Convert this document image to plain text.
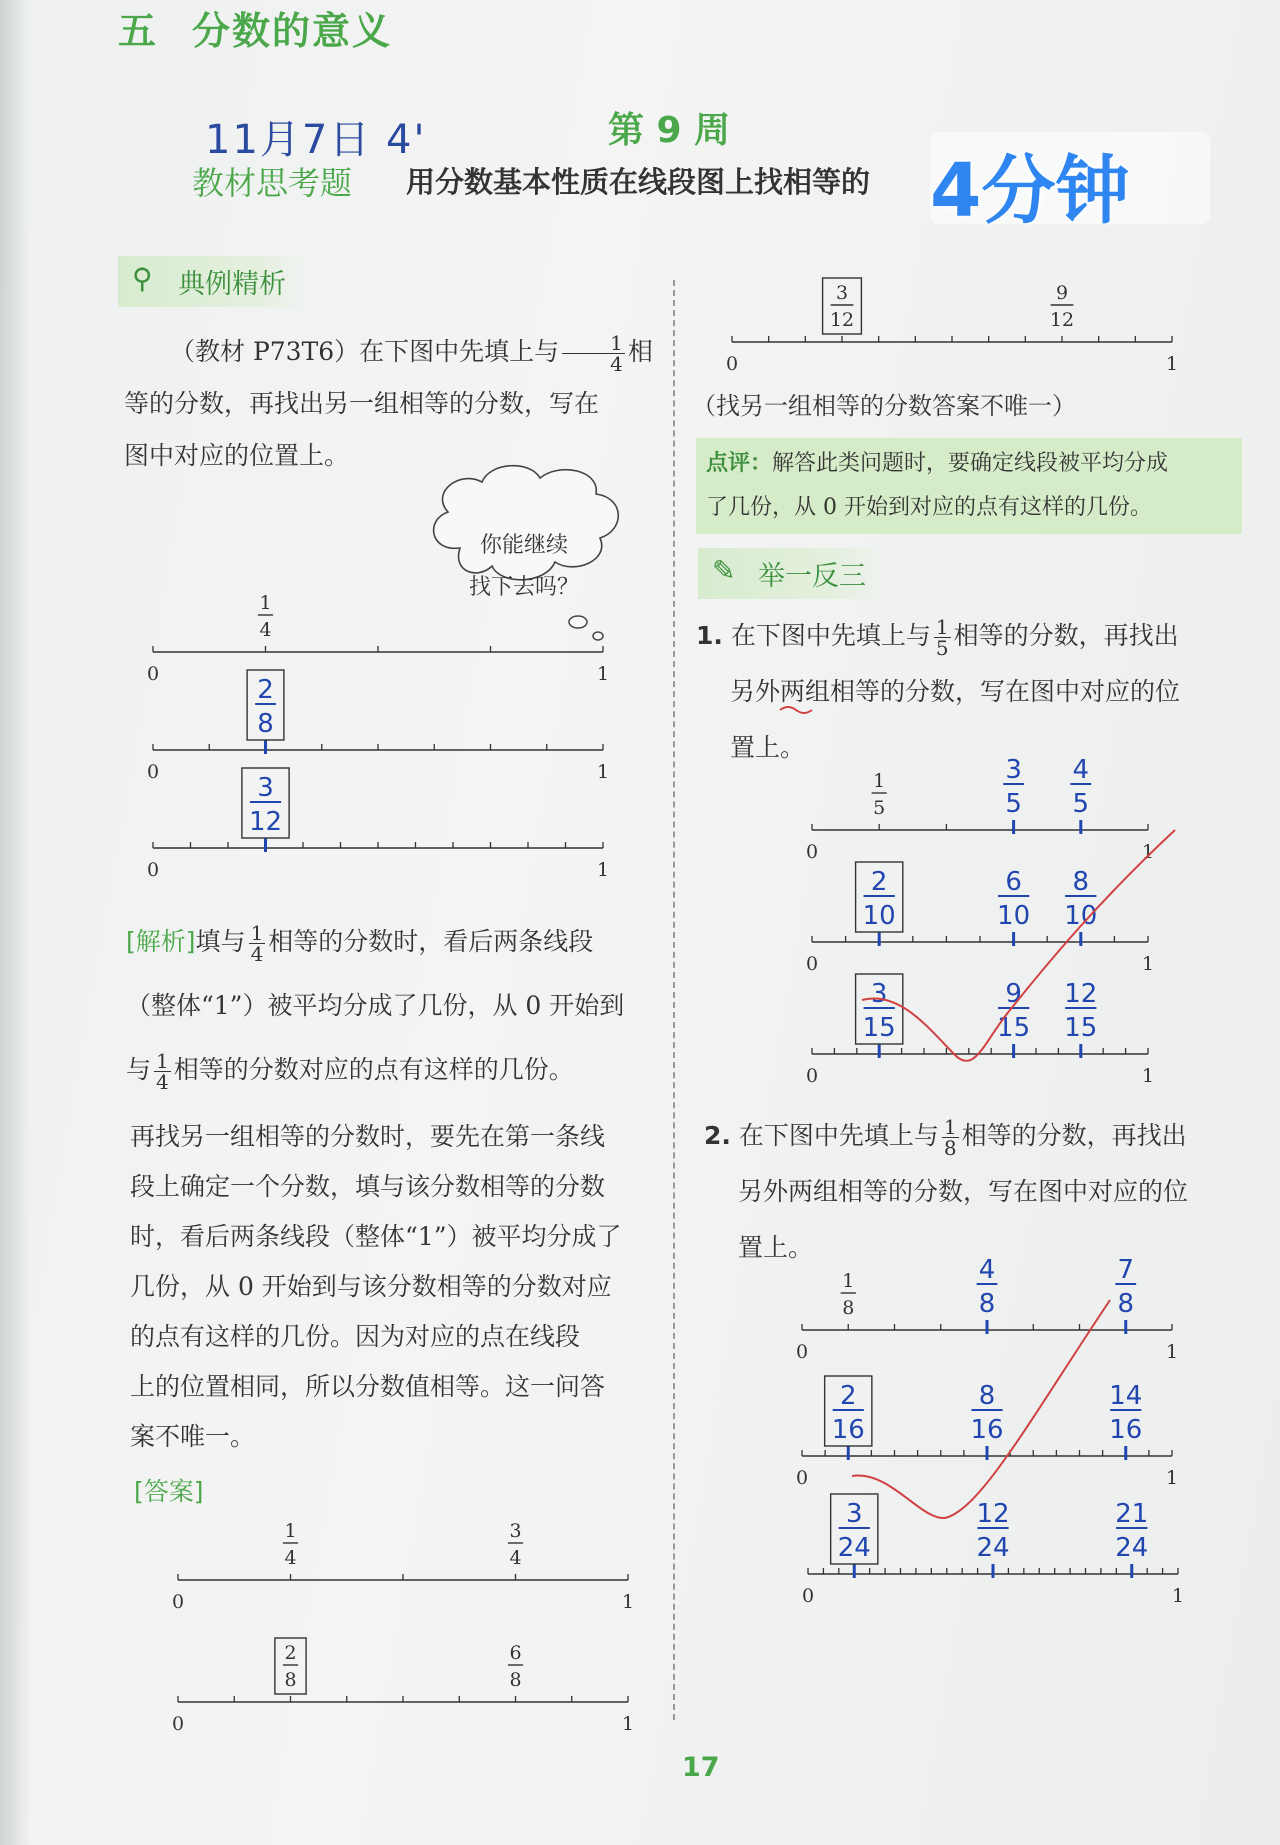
五 分数的意义
11月7日 4'	第 9 周
教材思考题 用分数基本性质在线段图上找相等的 4分钟
⚲ 典例精析
（教材 P73T6）在下图中先填上与 $\frac{1}{4}$ 相
等的分数，再找出另一组相等的分数，写在
图中对应的位置上。
[解析]填与 $\frac{1}{4}$ 相等的分数时，看后两条线段
（整体“1”）被平均分成了几份，从 0 开始到
与 $\frac{1}{4}$ 相等的分数对应的点有这样的几份。
再找另一组相等的分数时，要先在第一条线
段上确定一个分数，填与该分数相等的分数
时，看后两条线段（整体“1”）被平均分成了
几份，从 0 开始到与该分数相等的分数对应
的点有这样的几份。因为对应的点在线段
上的位置相同，所以分数值相等。这一问答
案不唯一。
[答案]
（找另一组相等的分数答案不唯一）
点评：解答此类问题时，要确定线段被平均分成
了几份，从 0 开始到对应的点有这样的几份。
✎ 举一反三
1. 在下图中先填上与 $\frac{1}{5}$ 相等的分数，再找出
另外两组相等的分数，写在图中对应的位
置上。
2. 在下图中先填上与 $\frac{1}{8}$ 相等的分数，再找出
另外两组相等的分数，写在图中对应的位
置上。
17
你能继续
找下去吗？
0	1
1
4
0	1
2
8
0	1
3
12
0	1
1
4
3
4
0	1
2
8
6
8
0	1
3
12
9
12
0	1
1
5
3
5
4
5
0	1
2
10
6
10
8
10
0	1
3
15
9
15
12
15
0	1
1
8
4
8
7
8
0	1
2
16
8
16
14
16
0	1
3
24
12
24
21
24
